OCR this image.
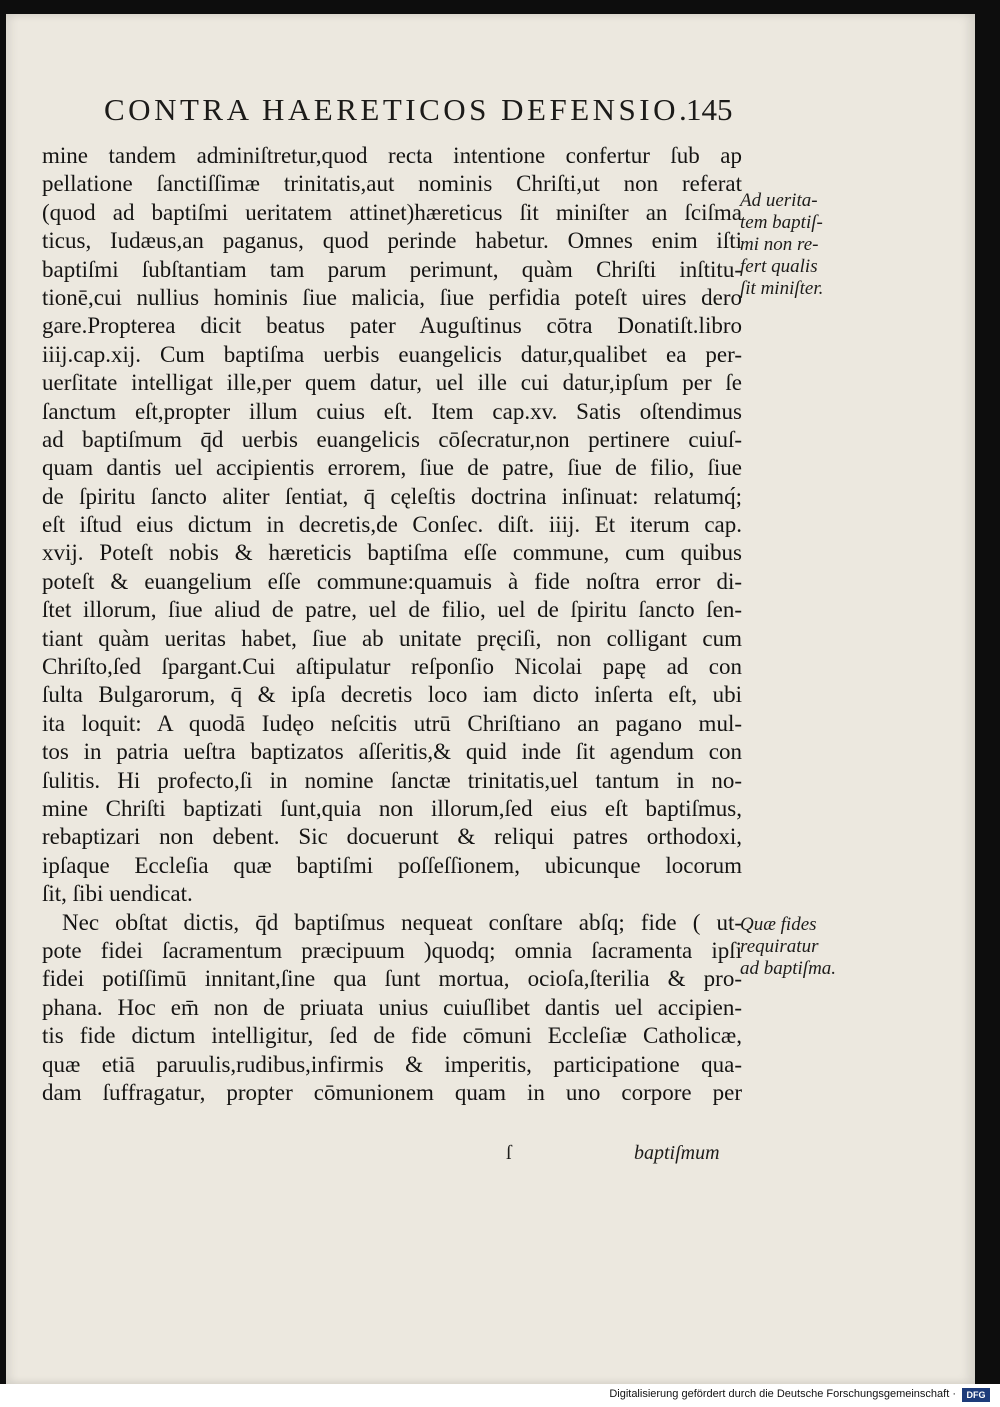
CONTRA HAERETICOS DEFENSIO.
145
mine tandem adminiſtretur,quod recta intentione confertur ſub ap
pellatione ſanctiſſimæ trinitatis,aut nominis Chriſti,ut non referat
(quod ad baptiſmi ueritatem attinet)hæreticus ſit miniſter an ſciſma
ticus, Iudæus,an paganus, quod perinde habetur. Omnes enim iſti
baptiſmi ſubſtantiam tam parum perimunt, quàm Chriſti inſtitu-
tionē,cui nullius hominis ſiue malicia, ſiue perfidia poteſt uires dero
gare.Propterea dicit beatus pater Auguſtinus cōtra Donatiſt.libro
iiij.cap.xij. Cum baptiſma uerbis euangelicis datur,qualibet ea per-
uerſitate intelligat ille,per quem datur, uel ille cui datur,ipſum per ſe
ſanctum eſt,propter illum cuius eſt. Item cap.xv. Satis oſtendimus
ad baptiſmum q̄d uerbis euangelicis cōſecratur,non pertinere cuiuſ-
quam dantis uel accipientis errorem, ſiue de patre, ſiue de filio, ſiue
de ſpiritu ſancto aliter ſentiat, q̄ cęleſtis doctrina inſinuat: relatumq́;
eſt iſtud eius dictum in decretis,de Conſec. diſt. iiij. Et iterum cap.
xvij. Poteſt nobis & hæreticis baptiſma eſſe commune, cum quibus
poteſt & euangelium eſſe commune:quamuis à fide noſtra error di-
ſtet illorum, ſiue aliud de patre, uel de filio, uel de ſpiritu ſancto ſen-
tiant quàm ueritas habet, ſiue ab unitate pręciſi, non colligant cum
Chriſto,ſed ſpargant.Cui aſtipulatur reſponſio Nicolai papę ad con
ſulta Bulgarorum, q̄ & ipſa decretis loco iam dicto inſerta eſt, ubi
ita loquit: A quodā Iudęo neſcitis utrū Chriſtiano an pagano mul-
tos in patria ueſtra baptizatos aſſeritis,& quid inde ſit agendum con
ſulitis. Hi profecto,ſi in nomine ſanctæ trinitatis,uel tantum in no-
mine Chriſti baptizati ſunt,quia non illorum,ſed eius eſt baptiſmus,
rebaptizari non debent. Sic docuerunt & reliqui patres orthodoxi,
ipſaque Eccleſia quæ baptiſmi poſſeſſionem, ubicunque locorum
ſit, ſibi uendicat.
Nec obſtat dictis, q̄d baptiſmus nequeat conſtare abſq; fide ( ut-
pote fidei ſacramentum præcipuum )quodq; omnia ſacramenta ipſi
fidei potiſſimū innitant,ſine qua ſunt mortua, ocioſa,ſterilia & pro-
phana. Hoc em̄ non de priuata unius cuiuſlibet dantis uel accipien-
tis fide dictum intelligitur, ſed de fide cōmuni Eccleſiæ Catholicæ,
quæ etiā paruulis,rudibus,infirmis & imperitis, participatione qua-
dam ſuffragatur, propter cōmunionem quam in uno corpore per
Ad uerita-
tem baptiſ-
mi non re-
fert qualis
ſit miniſter.
Quæ fides
requiratur
ad baptiſma.
ſ	baptiſmum
Digitalisierung gefördert durch die Deutsche Forschungsgemeinschaft ·	DFG
